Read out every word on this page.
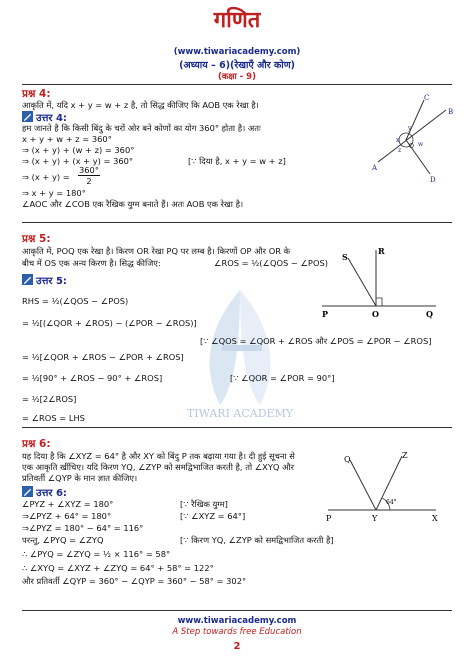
गणित
(www.tiwariacademy.com)
(अध्याय – 6)(रेखाएँ और कोण)
(कक्षा - 9)
TIWARI ACADEMY
प्रश्न 4:
आकृति में, यदि x + y = w + z है, तो सिद्ध कीजिए कि AOB एक रेखा है।
उत्तर 4:
हम जानते है कि किसी बिंदु के चरों ओर बने कोणों का योग 360° होता है। अतः
x + y + w + z = 360°
⇒ (x + y) + (w + z) = 360°
⇒ (x + y) + (x + y) = 360°	[∵ दिया है, x + y = w + z]
⇒ (x + y) =
360°
2
⇒ x + y = 180°
∠AOC और ∠COB एक रैखिक युग्म बनाते हैं। अतः AOB एक रेखा है।
C
B
A
D
O
x
y
z
w
प्रश्न 5:
आकृति में, POQ एक रेखा है। किरण OR रेखा PQ पर लम्ब है। किरणों OP और OR के
बीच में OS एक अन्य किरण है। सिद्ध कीजिए:	∠ROS = ½(∠QOS − ∠POS)
उत्तर 5:
RHS = ½(∠QOS − ∠POS)
= ½[(∠QOR + ∠ROS) − (∠POR − ∠ROS)]
[∵ ∠QOS = ∠QOR + ∠ROS और ∠POS = ∠POR − ∠ROS]
= ½[∠QOR + ∠ROS − ∠POR + ∠ROS]
= ½[90° + ∠ROS − 90° + ∠ROS]	[∵ ∠QOR = ∠POR = 90°]
= ½[2∠ROS]
= ∠ROS = LHS
S
R
P	O	Q
प्रश्न 6:
यह दिया है कि ∠XYZ = 64° है और XY को बिंदु P तक बढ़ाया गया है। दी हुई सूचना से
एक आकृति खींचिए। यदि किरण YQ, ∠ZYP को समद्विभाजित करती है, तो ∠XYQ और
प्रतिवर्ती ∠QYP के मान ज्ञात कीजिए।
उत्तर 6:
∠PYZ + ∠XYZ = 180°	[∵ रैखिक युग्म]
⇒∠PYZ + 64° = 180°	[∵ ∠XYZ = 64°]
⇒∠PYZ = 180° − 64° = 116°
परन्तु, ∠PYQ = ∠ZYQ	[∵ किरण YQ, ∠ZYP को समद्विभाजित करती है]
∴ ∠PYQ = ∠ZYQ = ½ × 116° = 58°
∴ ∠XYQ = ∠XYZ + ∠ZYQ = 64° + 58° = 122°
और प्रतिवर्ती ∠QYP = 360° − ∠QYP = 360° − 58° = 302°
Q	Z
P	Y	X
64°
www.tiwariacademy.com
A Step towards free Education
2
